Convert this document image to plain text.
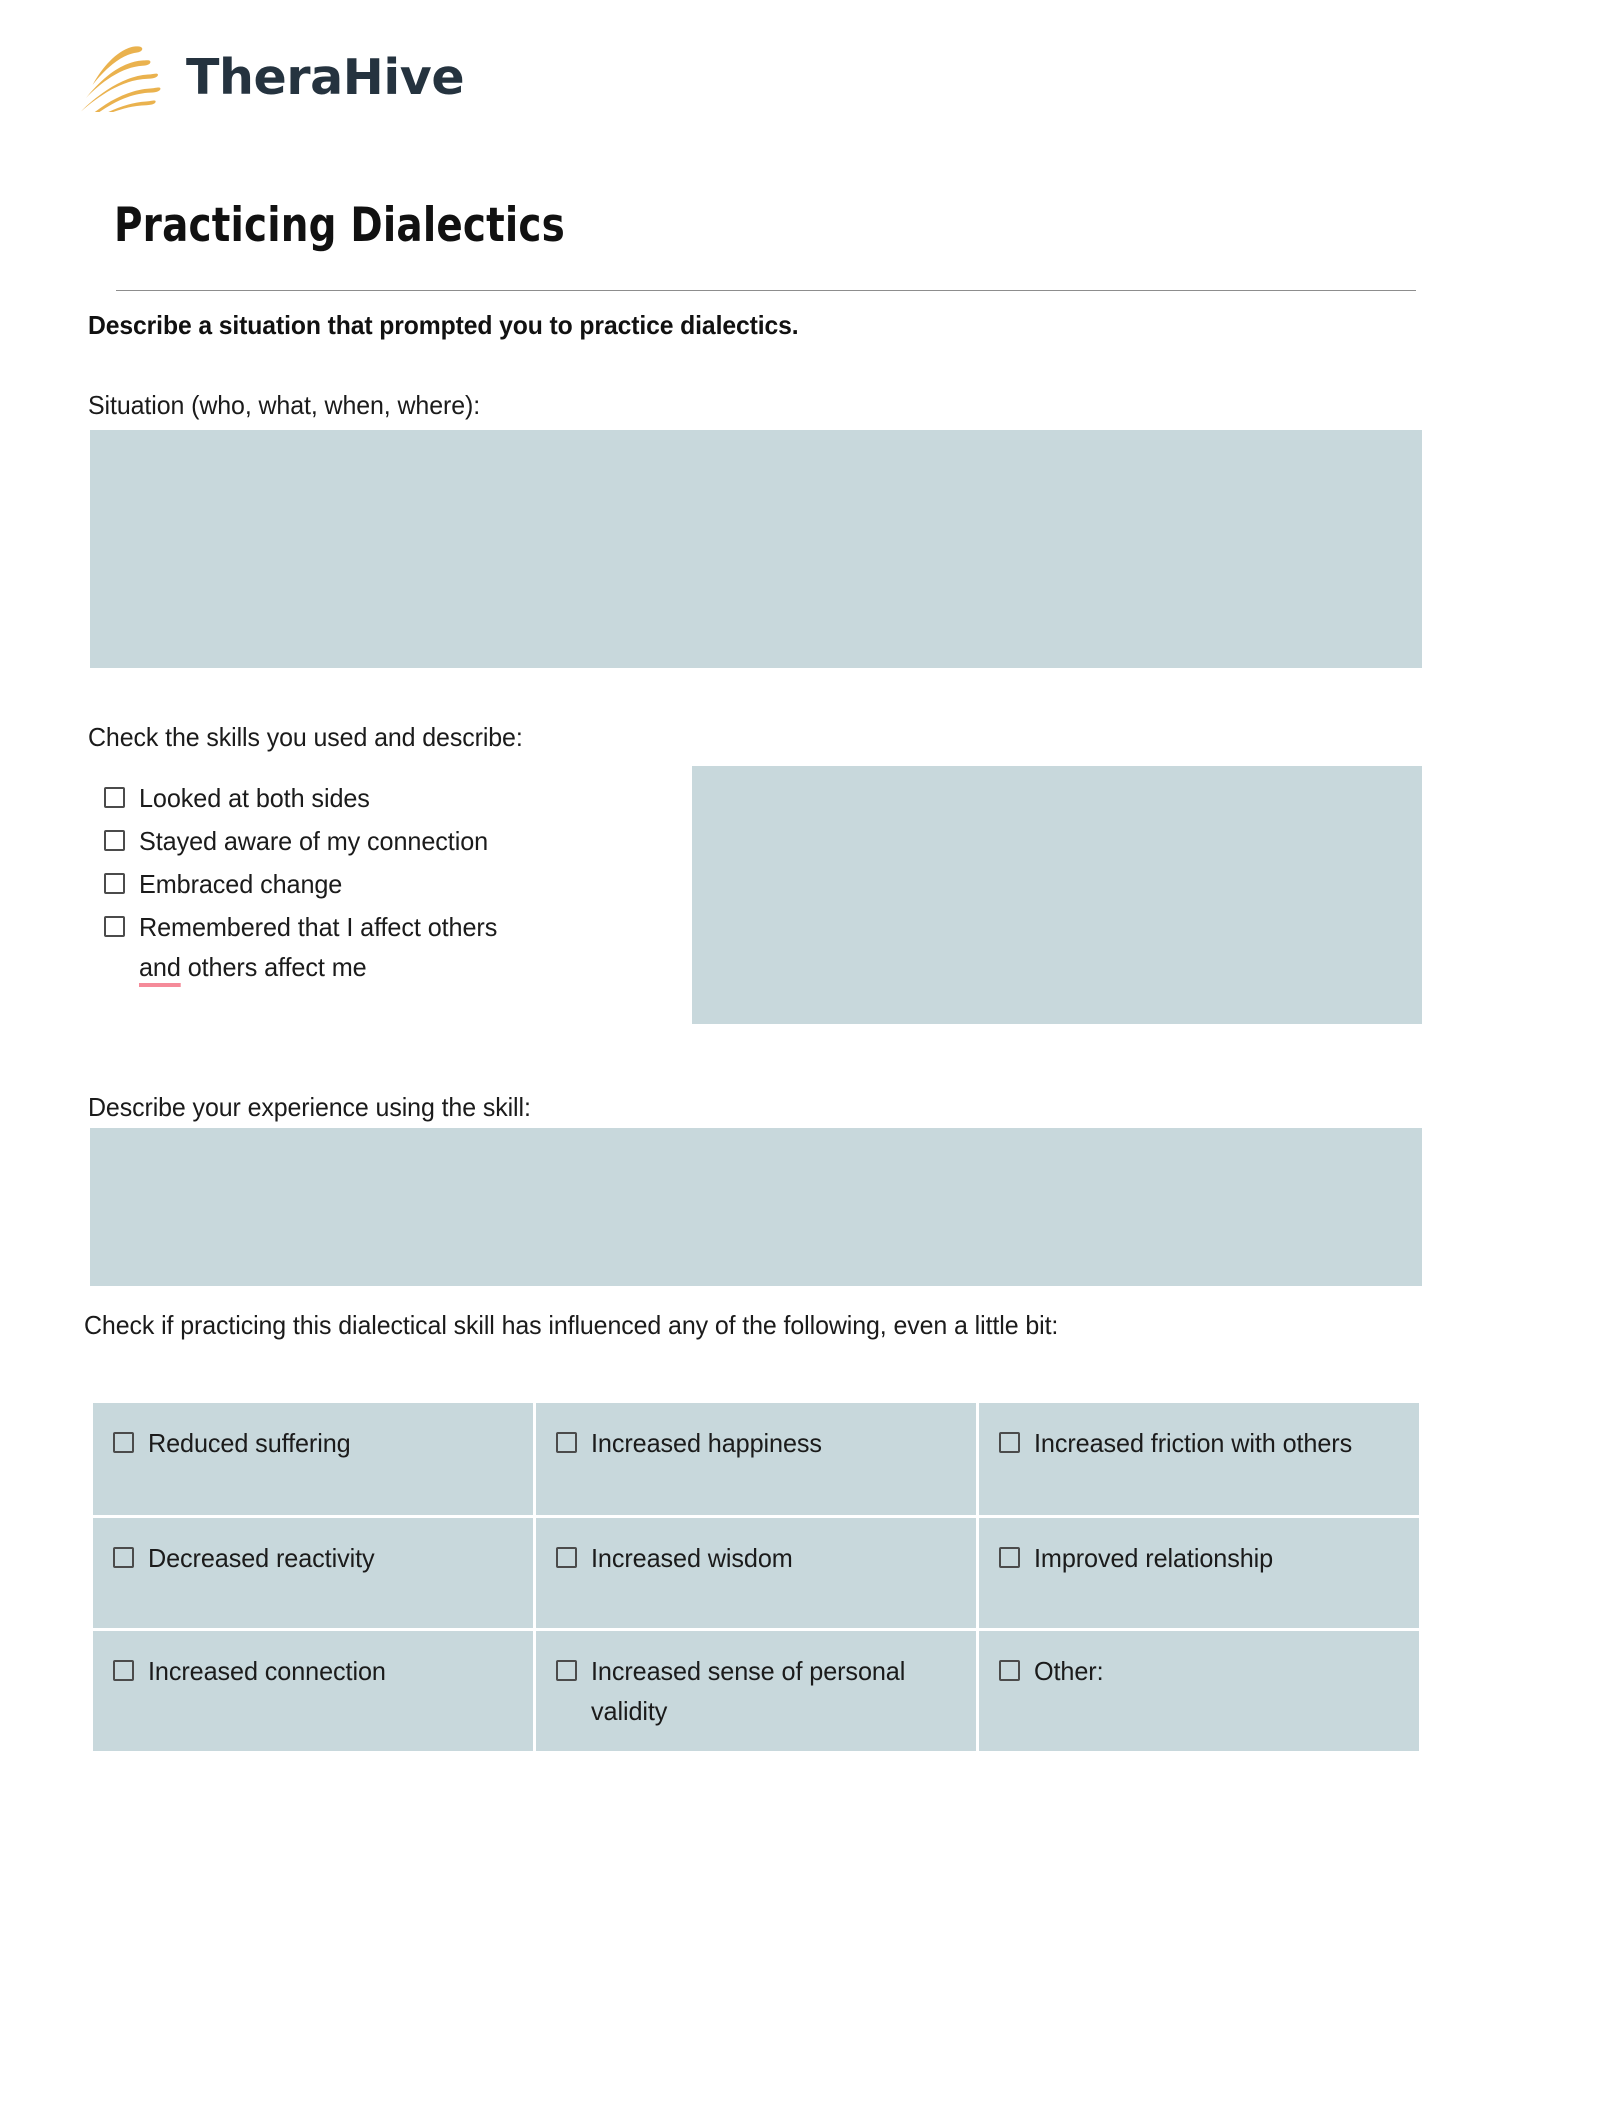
TheraHive
Practicing Dialectics
Describe a situation that prompted you to practice dialectics.
Situation (who, what, when, where):
Check the skills you used and describe:
Looked at both sides
Stayed aware of my connection
Embraced change
Remembered that I affect others
and others affect me
Describe your experience using the skill:
Check if practicing this dialectical skill has influenced any of the following, even a little bit:
Reduced suffering	Increased happiness	Increased friction with others

Decreased reactivity	Increased wisdom	Improved relationship

Increased connection	Increased sense of personal validity	Other:
